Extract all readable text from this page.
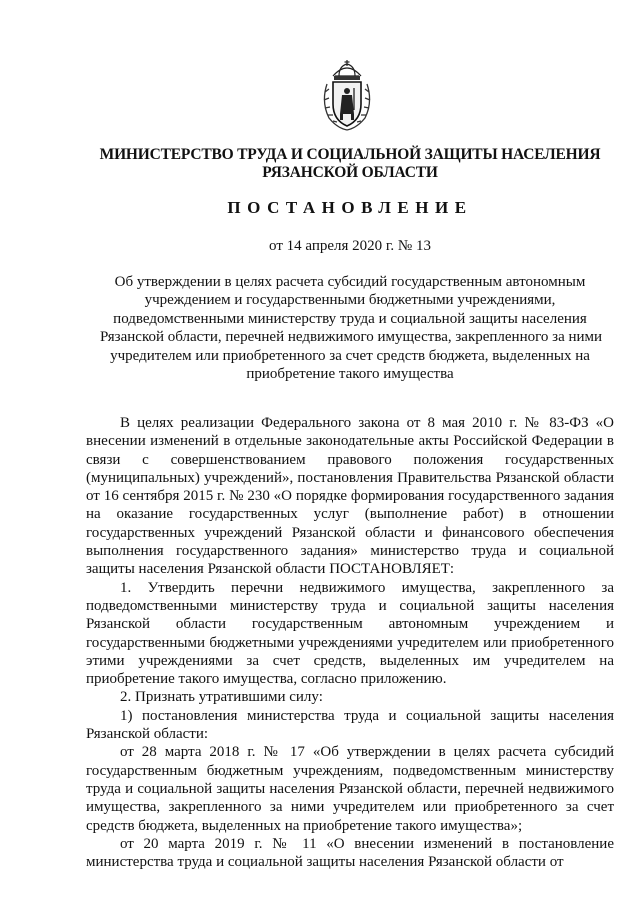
МИНИСТЕРСТВО ТРУДА И СОЦИАЛЬНОЙ ЗАЩИТЫ НАСЕЛЕНИЯ
РЯЗАНСКОЙ ОБЛАСТИ
ПОСТАНОВЛЕНИЕ
от 14 апреля 2020 г. № 13
Об утверждении в целях расчета субсидий государственным автономным
учреждением и государственными бюджетными учреждениями,
подведомственными министерству труда и социальной защиты населения
Рязанской области, перечней недвижимого имущества, закрепленного за ними
учредителем или приобретенного за счет средств бюджета, выделенных на
приобретение такого имущества

В целях реализации Федерального закона от 8 мая 2010 г. № 83-ФЗ «О внесении изменений в отдельные законодательные акты Российской Федерации в связи с совершенствованием правового положения государственных (муниципальных) учреждений», постановления Правительства Рязанской области от 16 сентября 2015 г. № 230 «О порядке формирования государственного задания на оказание государственных услуг (выполнение работ) в отношении государственных учреждений Рязанской области и финансового обеспечения выполнения государственного задания» министерство труда и социальной защиты населения Рязанской области ПОСТАНОВЛЯЕТ:

1. Утвердить перечни недвижимого имущества, закрепленного за подведомственными министерству труда и социальной защиты населения Рязанской области государственным автономным учреждением и государственными бюджетными учреждениями учредителем или приобретенного этими учреждениями за счет средств, выделенных им учредителем на приобретение такого имущества, согласно приложению.

2. Признать утратившими силу:

1) постановления министерства труда и социальной защиты населения Рязанской области:

от 28 марта 2018 г. № 17 «Об утверждении в целях расчета субсидий государственным бюджетным учреждениям, подведомственным министерству труда и социальной защиты населения Рязанской области, перечней недвижимого имущества, закрепленного за ними учредителем или приобретенного за счет средств бюджета, выделенных на приобретение такого имущества»;

от 20 марта 2019 г. № 11 «О внесении изменений в постановление министерства труда и социальной защиты населения Рязанской области от
